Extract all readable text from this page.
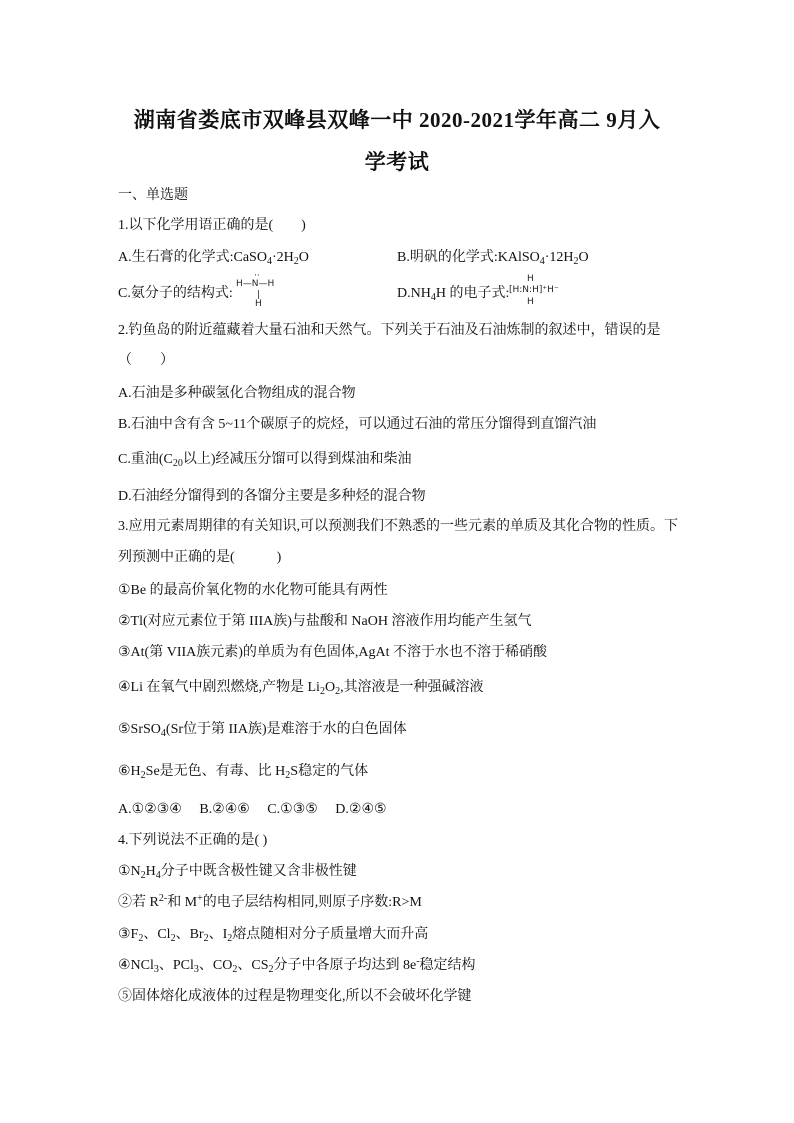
湖南省娄底市双峰县双峰一中 2020-2021学年高二 9月入
学考试
一、单选题
1.以下化学用语正确的是(　　)
A.生石膏的化学式$:CaSO_4\cdot 2H_2O$	B.明矾的化学式$:KAlSO_4\cdot 12H_2O$
C.氨分子的结构式:
··
H—N—H
|
H
$D.NH_4H$ 的电子式:
H
[H:N:H]⁺H⁻
H
2.钓鱼岛的附近蕴藏着大量石油和天然气。下列关于石油及石油炼制的叙述中，错误的是
（　　）
A.石油是多种碳氢化合物组成的混合物
B.石油中含有含 5~11个碳原子的烷烃，可以通过石油的常压分馏得到直馏汽油
C.重油($C_{20}$以上)经减压分馏可以得到煤油和柴油
D.石油经分馏得到的各馏分主要是多种烃的混合物
3.应用元素周期律的有关知识,可以预测我们不熟悉的一些元素的单质及其化合物的性质。下
列预测中正确的是(　　　)
①Be 的最高价氧化物的水化物可能具有两性
②Tl(对应元素位于第 IIIA族)与盐酸和 NaOH 溶液作用均能产生氢气
③At(第 VIIA族元素)的单质为有色固体,AgAt 不溶于水也不溶于稀硝酸
④Li 在氧气中剧烈燃烧,产物是 $Li_2O_2$,其溶液是一种强碱溶液
⑤SrSO$_4$(Sr位于第 IIA族)是难溶于水的白色固体
$⑥H_2Se$是无色、有毒、比 $H_2S$稳定的气体
A.①②③④　 B.②④⑥　 C.①③⑤　 D.②④⑤
4.下列说法不正确的是( )
$①N_2H_4$分子中既含极性键又含非极性键
②若 $R^{2-}$和 M+的电子层结构相同,则原子序数:R>M
$③F_2$、$Cl_2$、$Br_2$、$I_2$熔点随相对分子质量增大而升高
④NCl$_3$、PCl$_3$、$CO_2$、$CS_2$分子中各原子均达到 8e-稳定结构
⑤固体熔化成液体的过程是物理变化,所以不会破坏化学键
